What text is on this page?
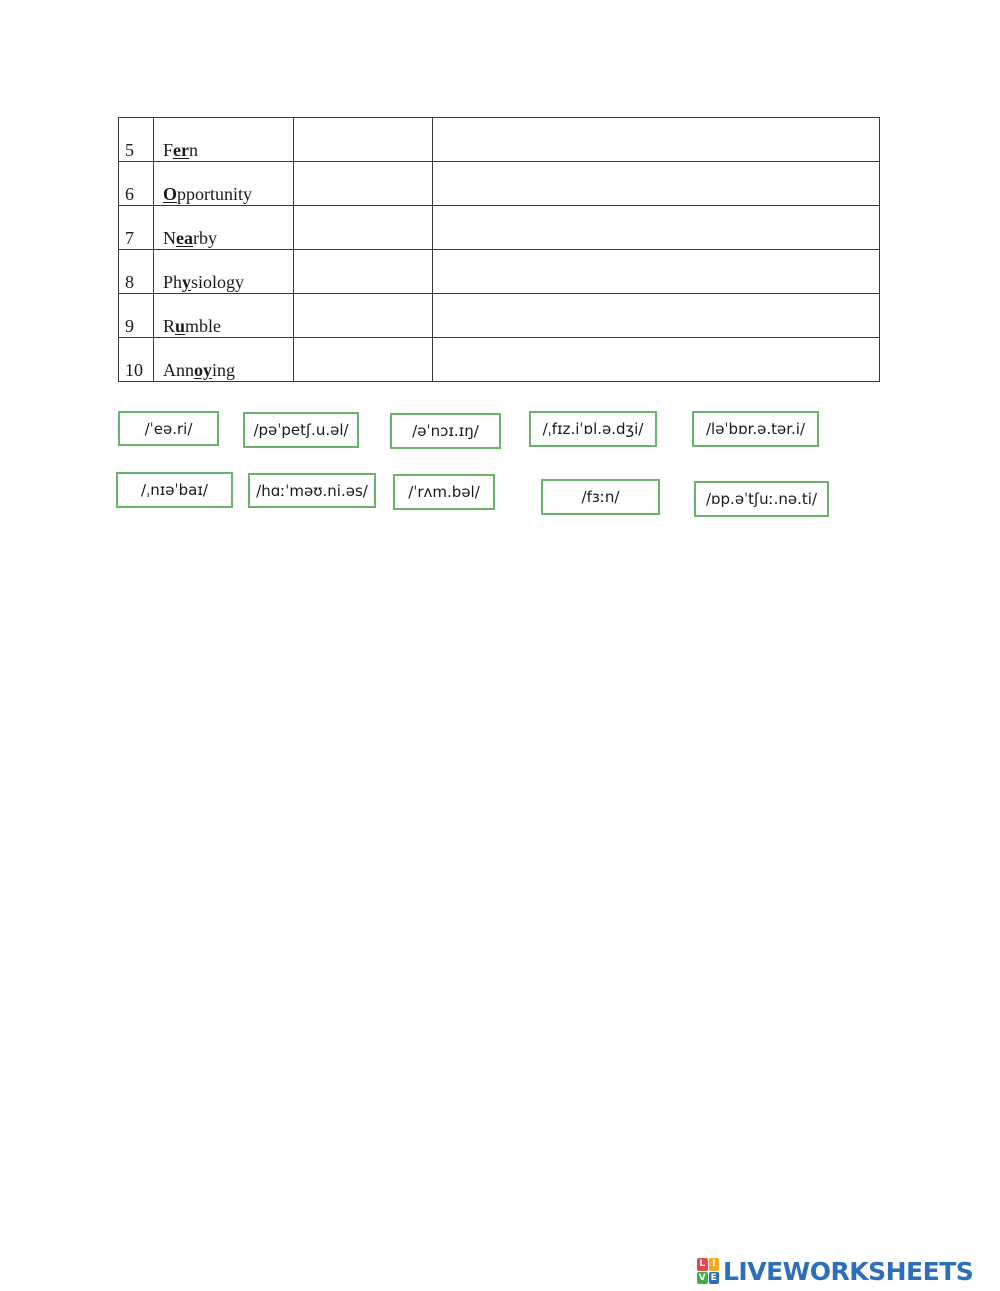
5	Fern		
6	Opportunity		
7	Nearby		
8	Physiology		
9	Rumble		
10	Annoying		
/ˈeə.ri/	/pəˈpetʃ.u.əl/	/əˈnɔɪ.ɪŋ/	/ˌfɪz.iˈɒl.ə.dʒi/	/ləˈbɒr.ə.tər.i/
/ˌnɪəˈbaɪ/	/hɑːˈməʊ.ni.əs/	/ˈrʌm.bəl/	/fɜːn/	/ɒp.əˈtʃuː.nə.ti/
L I
V E LIVEWORKSHEETS
